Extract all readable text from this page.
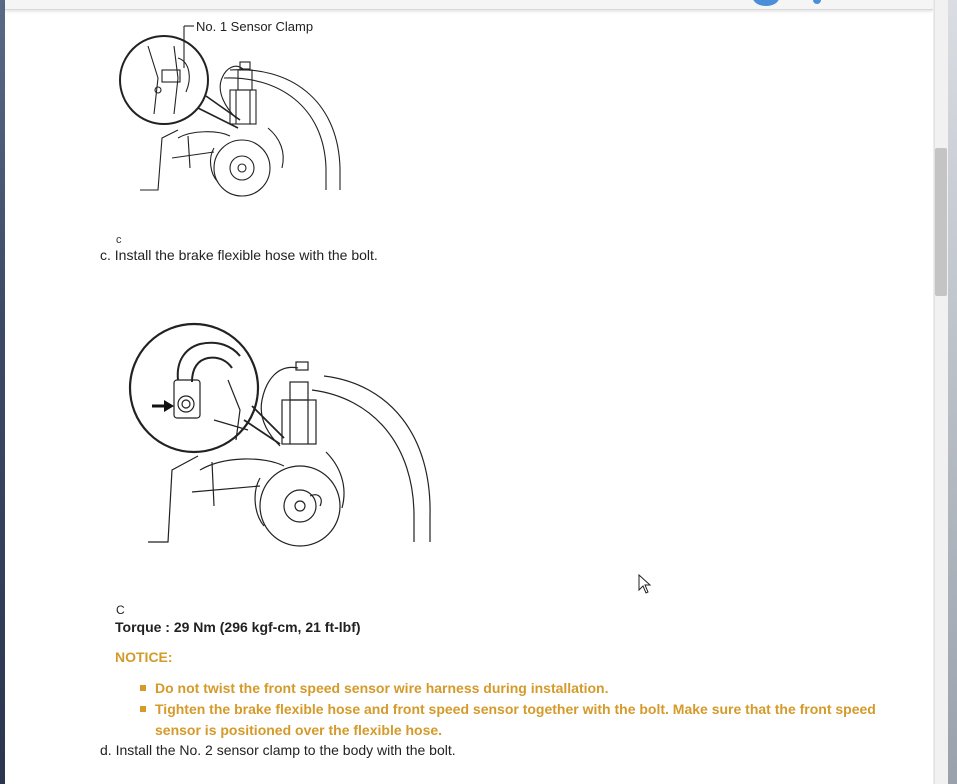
c
No. 1 Sensor Clamp
c. Install the brake flexible hose with the bolt.
C
Torque : 29 Nm (296 kgf-cm, 21 ft-lbf)
NOTICE:
Do not twist the front speed sensor wire harness during installation.
Tighten the brake flexible hose and front speed sensor together with the bolt. Make sure that the front speed sensor is positioned over the flexible hose.
d. Install the No. 2 sensor clamp to the body with the bolt.
